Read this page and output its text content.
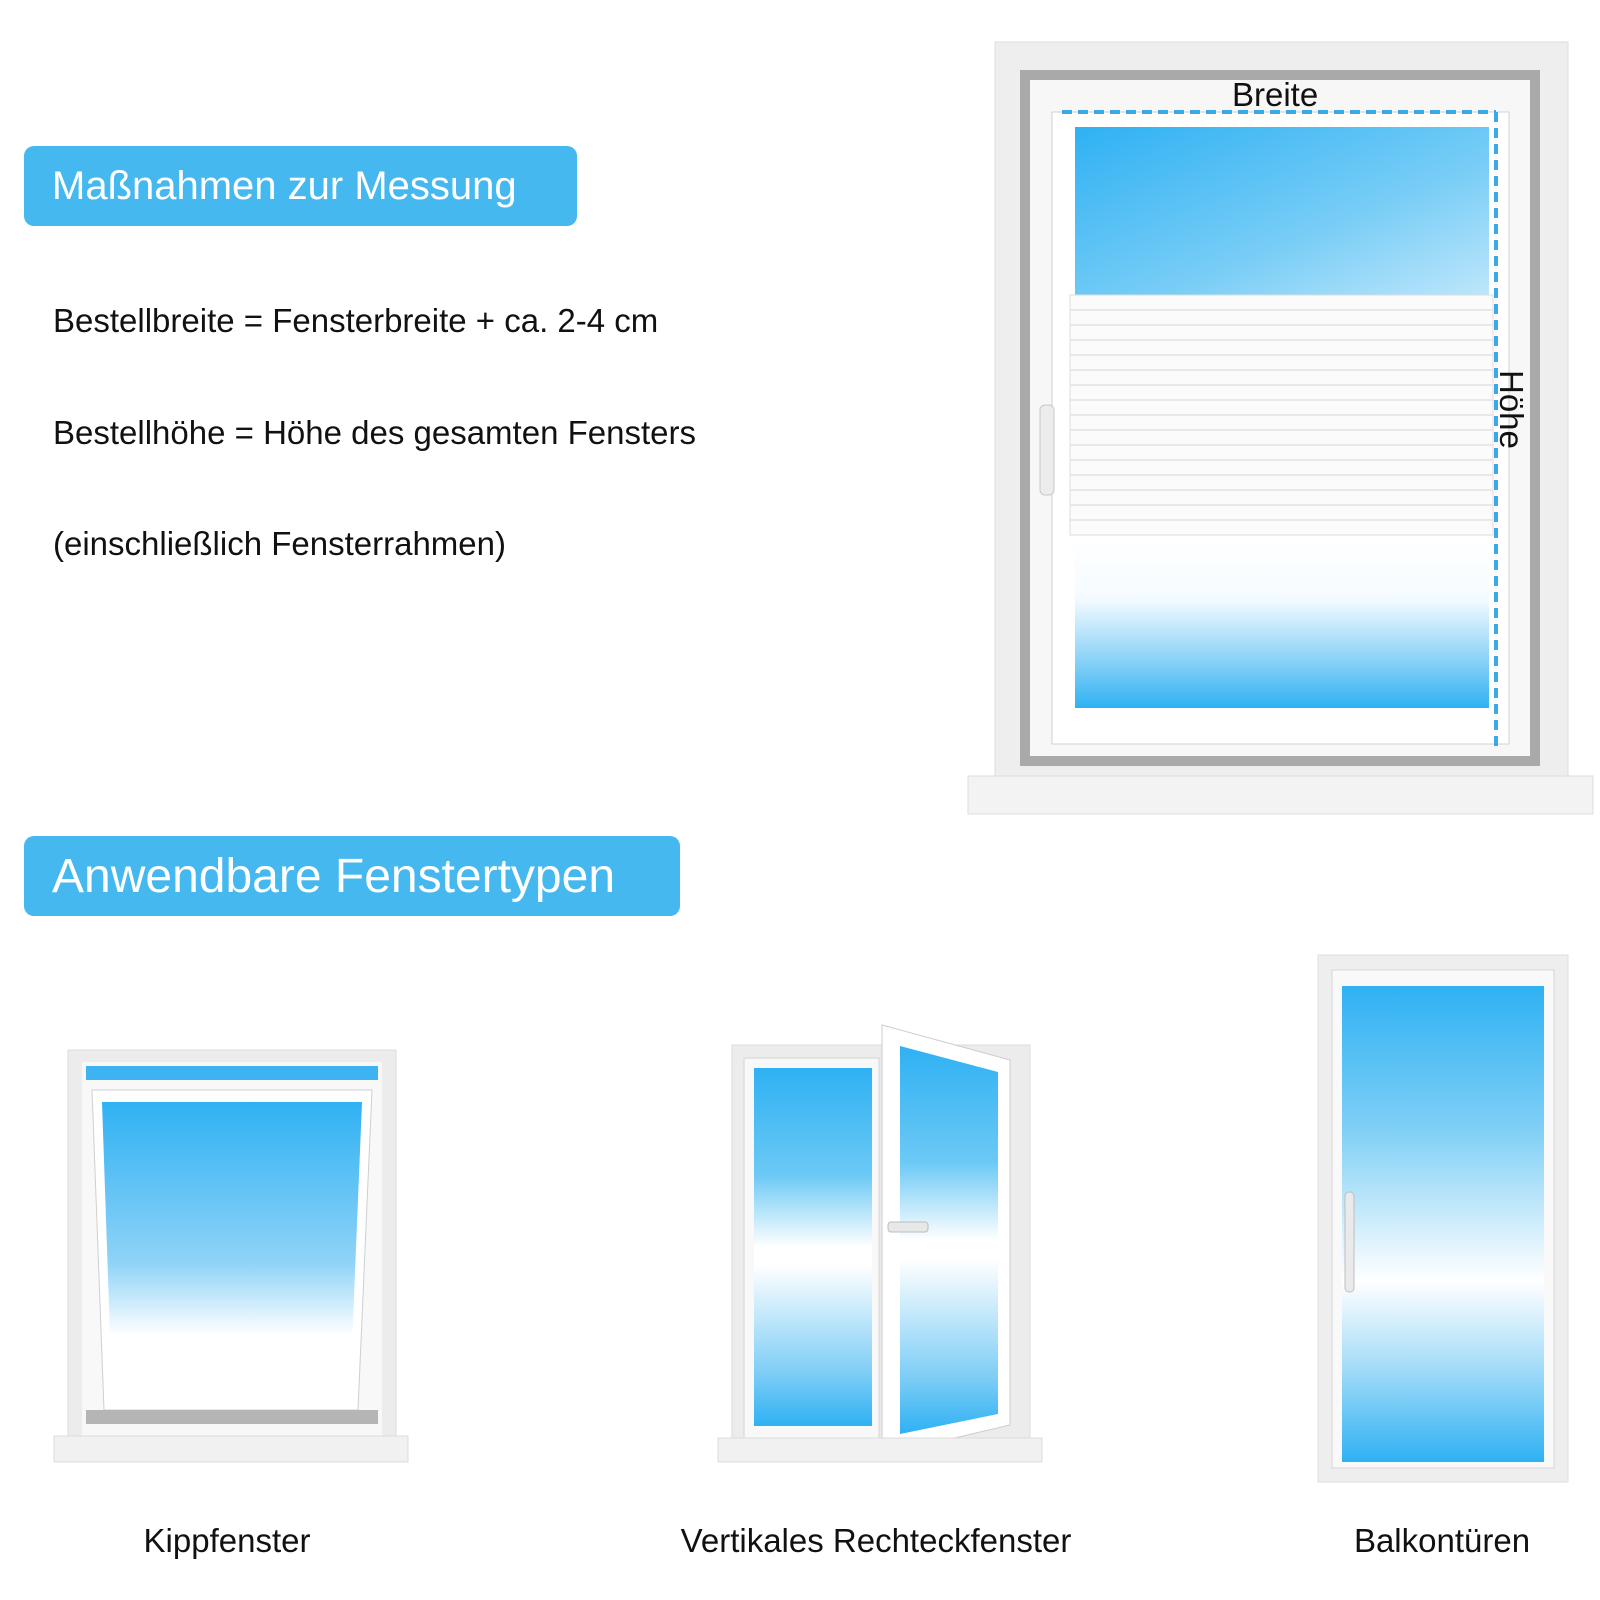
Maßnahmen zur Messung
Anwendbare Fenstertypen
Bestellbreite = Fensterbreite + ca. 2-4 cm
Bestellhöhe = Höhe des gesamten Fensters
(einschließlich Fensterrahmen)
Breite
Höhe
Kippfenster	Vertikales Rechteckfenster	Balkontüren
